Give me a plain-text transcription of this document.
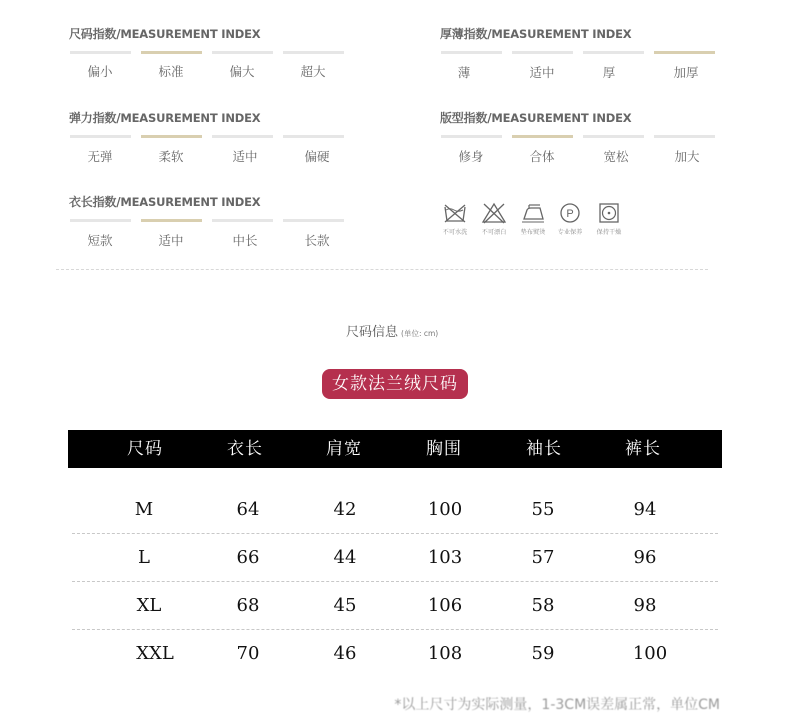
尺码指数/MEASUREMENT INDEX
偏小	标准	偏大	超大
厚薄指数/MEASUREMENT INDEX
薄	适中	厚	加厚
弹力指数/MEASUREMENT INDEX
无弹	柔软	适中	偏硬
版型指数/MEASUREMENT INDEX
修身	合体	宽松	加大
衣长指数/MEASUREMENT INDEX
短款	适中	中长	长款
不可水洗	不可漂白	垫布熨烫
P
专业保养	保持干燥
尺码信息 (单位: cm)
女款法兰绒尺码
尺码	衣长	肩宽	胸围	袖长	裤长
M	64	42	100	55	94
L	66	44	103	57	96
XL	68	45	106	58	98
XXL	70	46	108	59	100
*以上尺寸为实际测量，1-3CM误差属正常，单位CM
